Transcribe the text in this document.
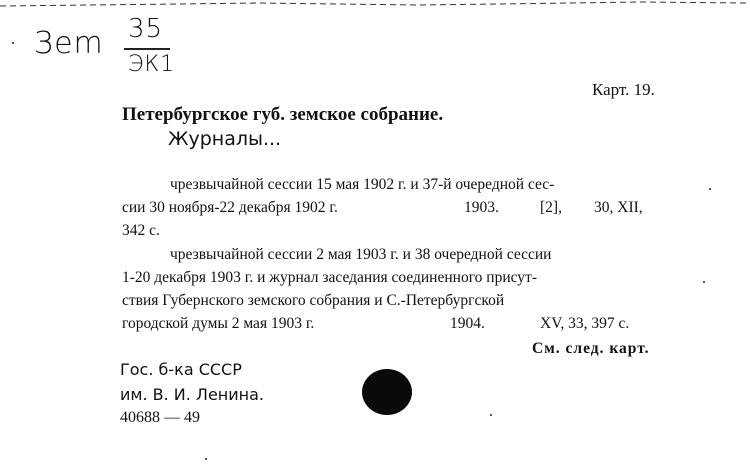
Зem 35
ЭК1
Карт. 19.
Петербургское губ. земское собрание.
Журналы...
чрезвычайной сессии 15 мая 1902 г. и 37-й очередной сес-
сии 30 ноября-22 декабря 1902 г.	1903.	[2], 30, XII,
342 с.
чрезвычайной сессии 2 мая 1903 г. и 38 очередной сессии
1-20 декабря 1903 г. и журнал заседания соединенного присут-
ствия Губернского земского собрания и С.-Петербургской
городской думы 2 мая 1903 г.	1904.	XV, 33, 397 с.
См. след. карт.
Гос. б-ка СССР
им. В. И. Ленина.
40688 — 49
